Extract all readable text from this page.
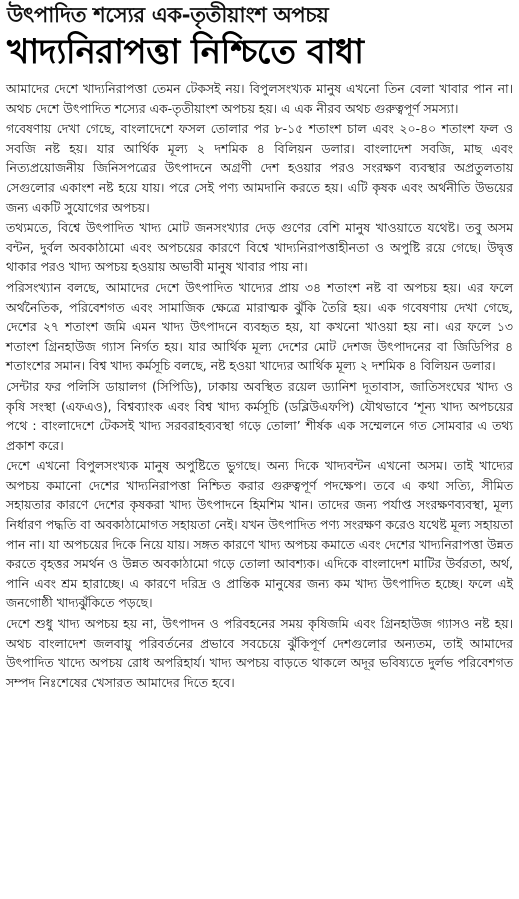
উৎপাদিত শস্যের এক-তৃতীয়াংশ অপচয়
খাদ্যনিরাপত্তা নিশ্চিতে বাধা

আমাদের দেশে খাদ্যনিরাপত্তা তেমন টেকসই নয়। বিপুলসংখ্যক মানুষ এখনো তিন বেলা খাবার পান না। অথচ দেশে উৎপাদিত শস্যের এক-তৃতীয়াংশ অপচয় হয়। এ এক নীরব অথচ গুরুত্বপূর্ণ সমস্যা।

গবেষণায় দেখা গেছে, বাংলাদেশে ফসল তোলার পর ৮-১৫ শতাংশ চাল এবং ২০-৪০ শতাংশ ফল ও সবজি নষ্ট হয়। যার আর্থিক মূল্য ২ দশমিক ৪ বিলিয়ন ডলার। বাংলাদেশ সবজি, মাছ এবং নিত্যপ্রয়োজনীয় জিনিসপত্রের উৎপাদনে অগ্রণী দেশ হওয়ার পরও সংরক্ষণ ব্যবস্থার অপ্রতুলতায় সেগুলোর একাংশ নষ্ট হয়ে যায়। পরে সেই পণ্য আমদানি করতে হয়। এটি কৃষক এবং অর্থনীতি উভয়ের জন্য একটি সুযোগের অপচয়।

তথ্যমতে, বিশ্বে উৎপাদিত খাদ্য মোট জনসংখ্যার দেড় গুণের বেশি মানুষ খাওয়াতে যথেষ্ট। তবু অসম বন্টন, দুর্বল অবকাঠামো এবং অপচয়ের কারণে বিশ্বে খাদ্যনিরাপত্তাহীনতা ও অপুষ্টি রয়ে গেছে। উদ্বৃত্ত থাকার পরও খাদ্য অপচয় হওয়ায় অভাবী মানুষ খাবার পায় না।

পরিসংখ্যান বলছে, আমাদের দেশে উৎপাদিত খাদ্যের প্রায় ৩৪ শতাংশ নষ্ট বা অপচয় হয়। এর ফলে অর্থনৈতিক, পরিবেশগত এবং সামাজিক ক্ষেত্রে মারাত্মক ঝুঁকি তৈরি হয়। এক গবেষণায় দেখা গেছে, দেশের ২৭ শতাংশ জমি এমন খাদ্য উৎপাদনে ব্যবহৃত হয়, যা কখনো খাওয়া হয় না। এর ফলে ১৩ শতাংশ গ্রিনহাউজ গ্যাস নির্গত হয়। যার আর্থিক মূল্য দেশের মোট দেশজ উৎপাদনের বা জিডিপির ৪ শতাংশের সমান। বিশ্ব খাদ্য কর্মসূচি বলছে, নষ্ট হওয়া খাদ্যের আর্থিক মূল্য ২ দশমিক ৪ বিলিয়ন ডলার।

সেন্টার ফর পলিসি ডায়ালগ (সিপিডি), ঢাকায় অবস্থিত রয়েল ড্যানিশ দূতাবাস, জাতিসংঘের খাদ্য ও কৃষি সংস্থা (এফএও), বিশ্বব্যাংক এবং বিশ্ব খাদ্য কর্মসূচি (ডব্লিউএফপি) যৌথভাবে ‘শূন্য খাদ্য অপচয়ের পথে : বাংলাদেশে টেকসই খাদ্য সরবরাহব্যবস্থা গড়ে তোলা’ শীর্ষক এক সম্মেলনে গত সোমবার এ তথ্য প্রকাশ করে।

দেশে এখনো বিপুলসংখ্যক মানুষ অপুষ্টিতে ভুগছে। অন্য দিকে খাদ্যবন্টন এখনো অসম। তাই খাদ্যের অপচয় কমানো দেশের খাদ্যনিরাপত্তা নিশ্চিত করার গুরুত্বপূর্ণ পদক্ষেপ। তবে এ কথা সত্যি, সীমিত সহায়তার কারণে দেশের কৃষকরা খাদ্য উৎপাদনে হিমশিম খান। তাদের জন্য পর্যাপ্ত সংরক্ষণব্যবস্থা, মূল্য নির্ধারণ পদ্ধতি বা অবকাঠামোগত সহায়তা নেই। যখন উৎপাদিত পণ্য সংরক্ষণ করেও যথেষ্ট মূল্য সহায়তা পান না। যা অপচয়ের দিকে নিয়ে যায়। সঙ্গত কারণে খাদ্য অপচয় কমাতে এবং দেশের খাদ্যনিরাপত্তা উন্নত করতে বৃহত্তর সমর্থন ও উন্নত অবকাঠামো গড়ে তোলা আবশ্যক। এদিকে বাংলাদেশ মাটির উর্বরতা, অর্থ, পানি এবং শ্রম হারাচ্ছে। এ কারণে দরিদ্র ও প্রান্তিক মানুষের জন্য কম খাদ্য উৎপাদিত হচ্ছে। ফলে এই জনগোষ্ঠী খাদ্যঝুঁকিতে পড়ছে।

দেশে শুধু খাদ্য অপচয় হয় না, উৎপাদন ও পরিবহনের সময় কৃষিজমি এবং গ্রিনহাউজ গ্যাসও নষ্ট হয়। অথচ বাংলাদেশ জলবায়ু পরিবর্তনের প্রভাবে সবচেয়ে ঝুঁকিপূর্ণ দেশগুলোর অন্যতম, তাই আমাদের উৎপাদিত খাদ্যে অপচয় রোধ অপরিহার্য। খাদ্য অপচয় বাড়তে থাকলে অদূর ভবিষ্যতে দুর্লভ পরিবেশগত সম্পদ নিঃশেষের খেসারত আমাদের দিতে হবে।
